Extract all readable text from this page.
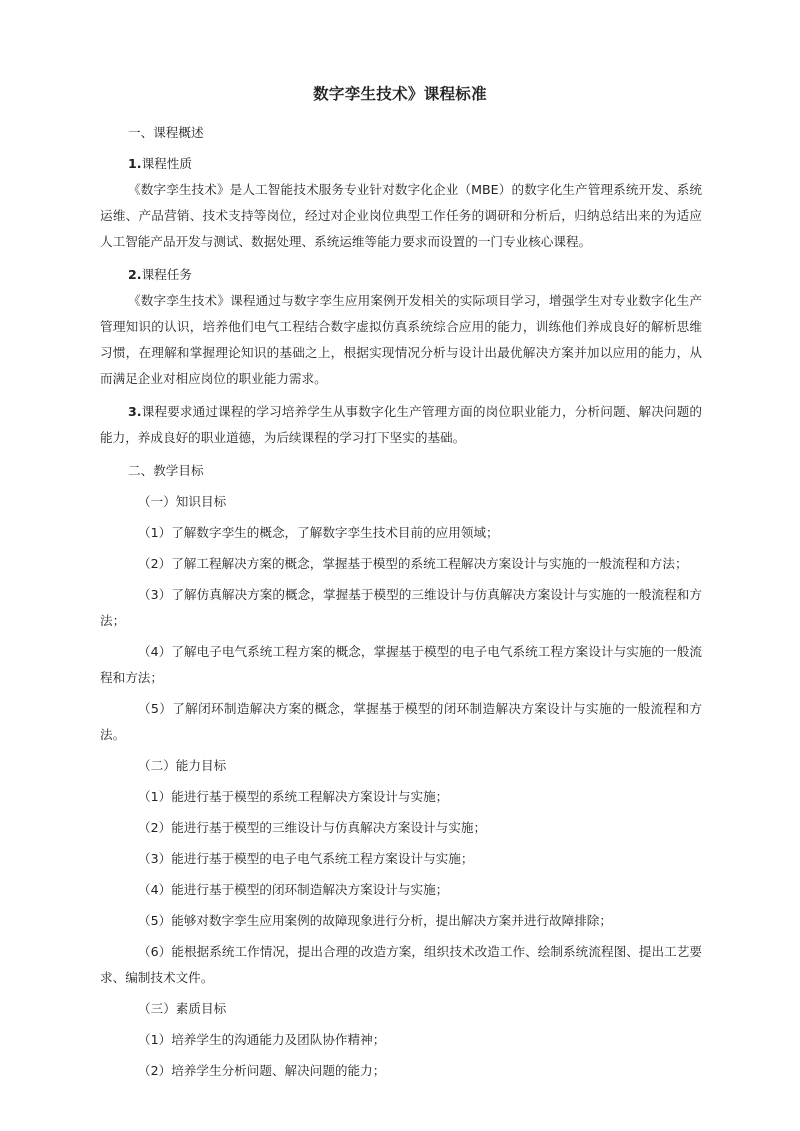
数字孪生技术》课程标准

一、课程概述

1.课程性质

《数字孪生技术》是人工智能技术服务专业针对数字化企业（MBE）的数字化生产管理系统开发、系统运维、产品营销、技术支持等岗位，经过对企业岗位典型工作任务的调研和分析后，归纳总结出来的为适应人工智能产品开发与测试、数据处理、系统运维等能力要求而设置的一门专业核心课程。

2.课程任务

《数字孪生技术》课程通过与数字孪生应用案例开发相关的实际项目学习，增强学生对专业数字化生产管理知识的认识，培养他们电气工程结合数字虚拟仿真系统综合应用的能力，训练他们养成良好的解析思维习惯，在理解和掌握理论知识的基础之上，根据实现情况分析与设计出最优解决方案并加以应用的能力，从而满足企业对相应岗位的职业能力需求。

3.课程要求通过课程的学习培养学生从事数字化生产管理方面的岗位职业能力，分析问题、解决问题的能力，养成良好的职业道德，为后续课程的学习打下坚实的基础。

二、教学目标

（一）知识目标

（1）了解数字孪生的概念，了解数字孪生技术目前的应用领域；

（2）了解工程解决方案的概念，掌握基于模型的系统工程解决方案设计与实施的一般流程和方法；

（3）了解仿真解决方案的概念，掌握基于模型的三维设计与仿真解决方案设计与实施的一般流程和方法；

（4）了解电子电气系统工程方案的概念，掌握基于模型的电子电气系统工程方案设计与实施的一般流程和方法；

（5）了解闭环制造解决方案的概念，掌握基于模型的闭环制造解决方案设计与实施的一般流程和方法。

（二）能力目标

（1）能进行基于模型的系统工程解决方案设计与实施；

（2）能进行基于模型的三维设计与仿真解决方案设计与实施；

（3）能进行基于模型的电子电气系统工程方案设计与实施；

（4）能进行基于模型的闭环制造解决方案设计与实施；

（5）能够对数字孪生应用案例的故障现象进行分析，提出解决方案并进行故障排除；

（6）能根据系统工作情况，提出合理的改造方案，组织技术改造工作、绘制系统流程图、提出工艺要求、编制技术文件。

（三）素质目标

（1）培养学生的沟通能力及团队协作精神；

（2）培养学生分析问题、解决问题的能力；
